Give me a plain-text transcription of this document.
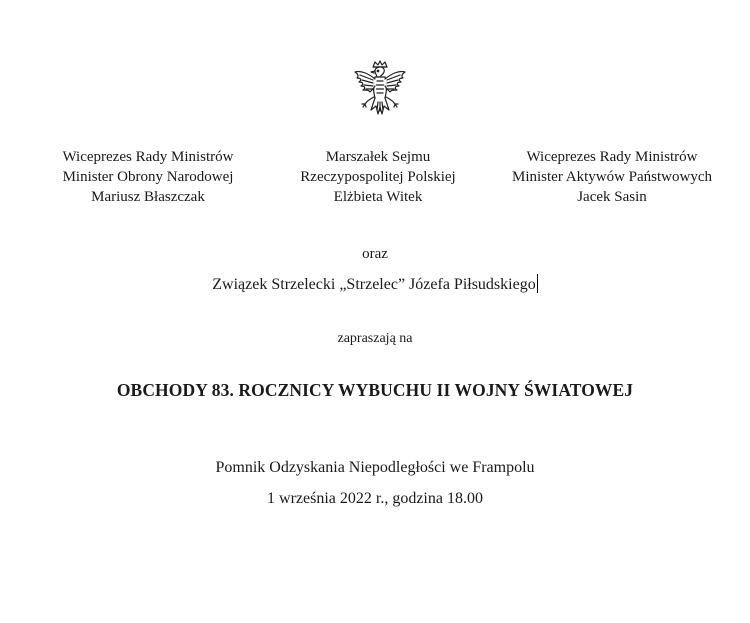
Wiceprezes Rady Ministrów
Minister Obrony Narodowej
Mariusz Błaszczak
Marszałek Sejmu
Rzeczypospolitej Polskiej
Elżbieta Witek
Wiceprezes Rady Ministrów
Minister Aktywów Państwowych
Jacek Sasin
oraz
Związek Strzelecki „Strzelec” Józefa Piłsudskiego
zapraszają na
OBCHODY 83. ROCZNICY WYBUCHU II WOJNY ŚWIATOWEJ
Pomnik Odzyskania Niepodległości we Frampolu
1 września 2022 r., godzina 18.00
